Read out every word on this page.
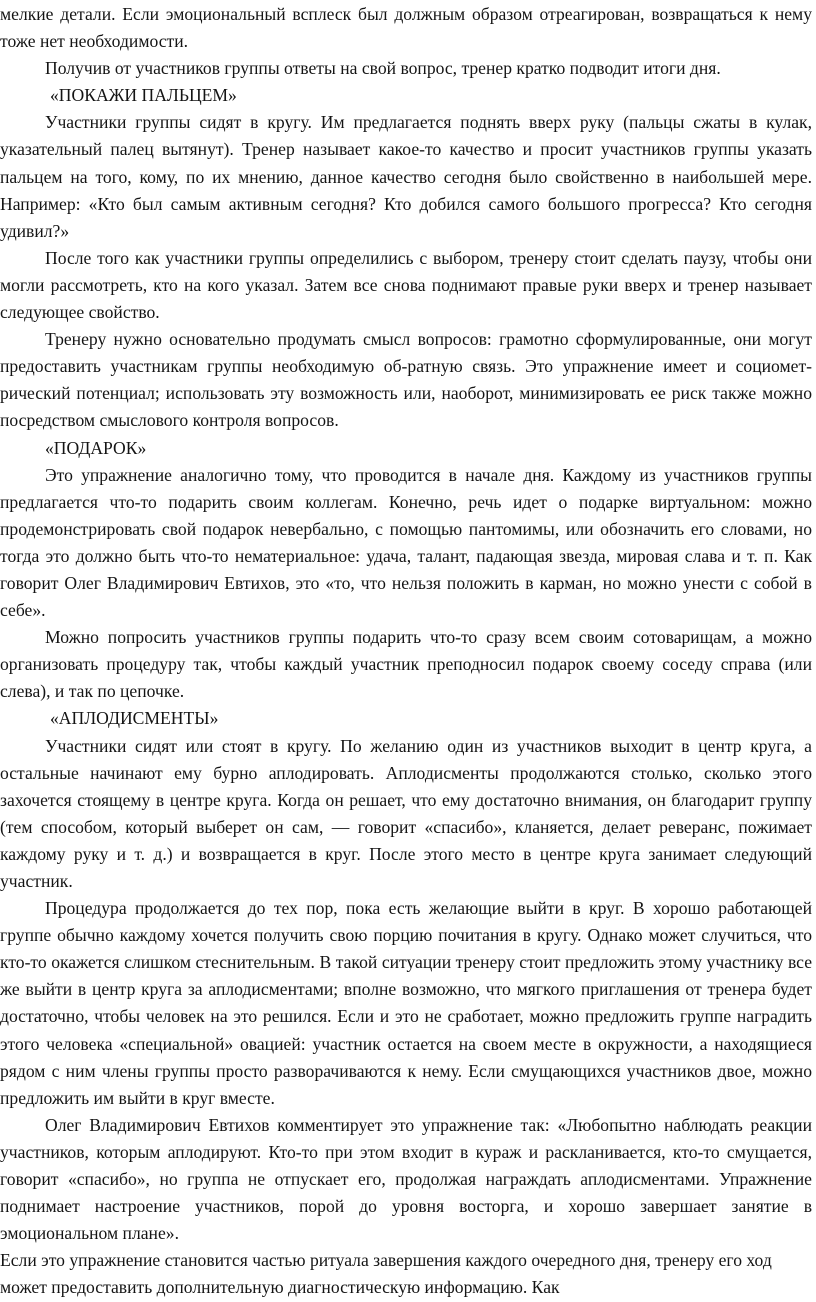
мелкие детали. Если эмоциональный всплеск был должным образом отреагирован, возвращаться к нему тоже нет необходимости.

Получив от участников группы ответы на свой вопрос, тренер кратко подводит итоги дня.

«ПОКАЖИ ПАЛЬЦЕМ»

Участники группы сидят в кругу. Им предлагается поднять вверх руку (пальцы сжаты в кулак, указательный палец вытянут). Тренер называет какое-то качество и просит участников группы указать пальцем на того, кому, по их мнению, данное качество сегодня было свойственно в наибольшей мере. Например: «Кто был самым активным сегодня? Кто добился самого большого прогресса? Кто сегодня удивил?»

После того как участники группы определились с выбором, тренеру стоит сделать паузу, чтобы они могли рассмотреть, кто на кого указал. Затем все снова поднимают правые руки вверх и тренер называет следующее свойство.

Тренеру нужно основательно продумать смысл вопросов: грамотно сформулированные, они могут предоставить участникам группы необходимую об-ратную связь. Это упражнение имеет и социомет-рический потенциал; использовать эту возможность или, наоборот, минимизировать ее риск также можно посредством смыслового контроля вопросов.

«ПОДАРОК»

Это упражнение аналогично тому, что проводится в начале дня. Каждому из участников группы предлагается что-то подарить своим коллегам. Конечно, речь идет о подарке виртуальном: можно продемонстрировать свой подарок невербально, с помощью пантомимы, или обозначить его словами, но тогда это должно быть что-то нематериальное: удача, талант, падающая звезда, мировая слава и т. п. Как говорит Олег Владимирович Евтихов, это «то, что нельзя положить в карман, но можно унести с собой в себе».

Можно попросить участников группы подарить что-то сразу всем своим сотоварищам, а можно организовать процедуру так, чтобы каждый участник преподносил подарок своему соседу справа (или слева), и так по цепочке.

«АПЛОДИСМЕНТЫ»

Участники сидят или стоят в кругу. По желанию один из участников выходит в центр круга, а остальные начинают ему бурно аплодировать. Аплодисменты продолжаются столько, сколько этого захочется стоящему в центре круга. Когда он решает, что ему достаточно внимания, он благодарит группу (тем способом, который выберет он сам, — говорит «спасибо», кланяется, делает реверанс, пожимает каждому руку и т. д.) и возвращается в круг. После этого место в центре круга занимает следующий участник.

Процедура продолжается до тех пор, пока есть желающие выйти в круг. В хорошо работающей группе обычно каждому хочется получить свою порцию почитания в кругу. Однако может случиться, что кто-то окажется слишком стеснительным. В такой ситуации тренеру стоит предложить этому участнику все же выйти в центр круга за аплодисментами; вполне возможно, что мягкого приглашения от тренера будет достаточно, чтобы человек на это решился. Если и это не сработает, можно предложить группе наградить этого человека «специальной» овацией: участник остается на своем месте в окружности, а находящиеся рядом с ним члены группы просто разворачиваются к нему. Если смущающихся участников двое, можно предложить им выйти в круг вместе.

Олег Владимирович Евтихов комментирует это упражнение так: «Любопытно наблюдать реакции участников, которым аплодируют. Кто-то при этом входит в кураж и раскланивается, кто-то смущается, говорит «спасибо», но группа не отпускает его, продолжая награждать аплодисментами. Упражнение поднимает настроение участников, порой до уровня восторга, и хорошо завершает занятие в эмоциональном плане».

Если это упражнение становится частью ритуала завершения каждого очередного дня, тренеру его ход может предоставить дополнительную диагностическую информацию. Как
